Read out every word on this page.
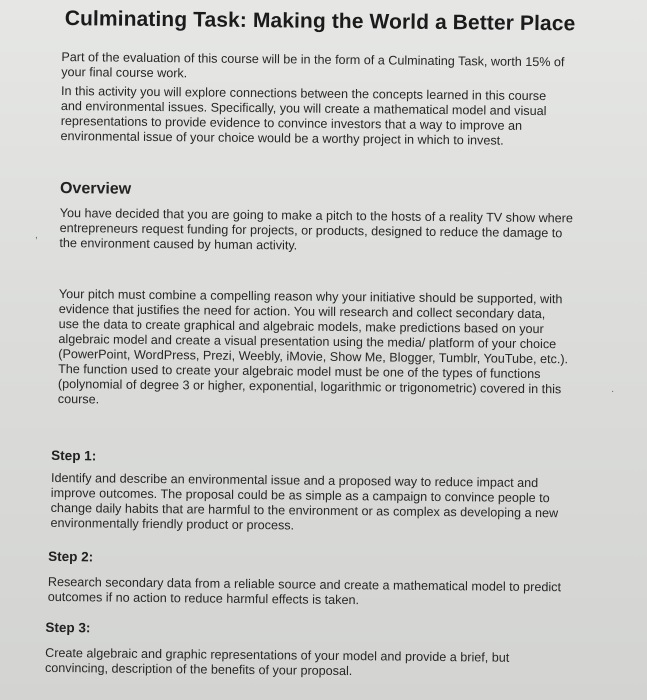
Culminating Task: Making the World a Better Place

Part of the evaluation of this course will be in the form of a Culminating Task, worth 15% of
your final course work.

In this activity you will explore connections between the concepts learned in this course
and environmental issues. Specifically, you will create a mathematical model and visual
representations to provide evidence to convince investors that a way to improve an
environmental issue of your choice would be a worthy project in which to invest.

Overview

You have decided that you are going to make a pitch to the hosts of a reality TV show where
entrepreneurs request funding for projects, or products, designed to reduce the damage to
the environment caused by human activity.

Your pitch must combine a compelling reason why your initiative should be supported, with
evidence that justifies the need for action. You will research and collect secondary data,
use the data to create graphical and algebraic models, make predictions based on your
algebraic model and create a visual presentation using the media/ platform of your choice
(PowerPoint, WordPress, Prezi, Weebly, iMovie, Show Me, Blogger, Tumblr, YouTube, etc.).
The function used to create your algebraic model must be one of the types of functions
(polynomial of degree 3 or higher, exponential, logarithmic or trigonometric) covered in this
course.

Step 1:

Identify and describe an environmental issue and a proposed way to reduce impact and
improve outcomes. The proposal could be as simple as a campaign to convince people to
change daily habits that are harmful to the environment or as complex as developing a new
environmentally friendly product or process.

Step 2:

Research secondary data from a reliable source and create a mathematical model to predict
outcomes if no action to reduce harmful effects is taken.

Step 3:

Create algebraic and graphic representations of your model and provide a brief, but
convincing, description of the benefits of your proposal.

,
·
